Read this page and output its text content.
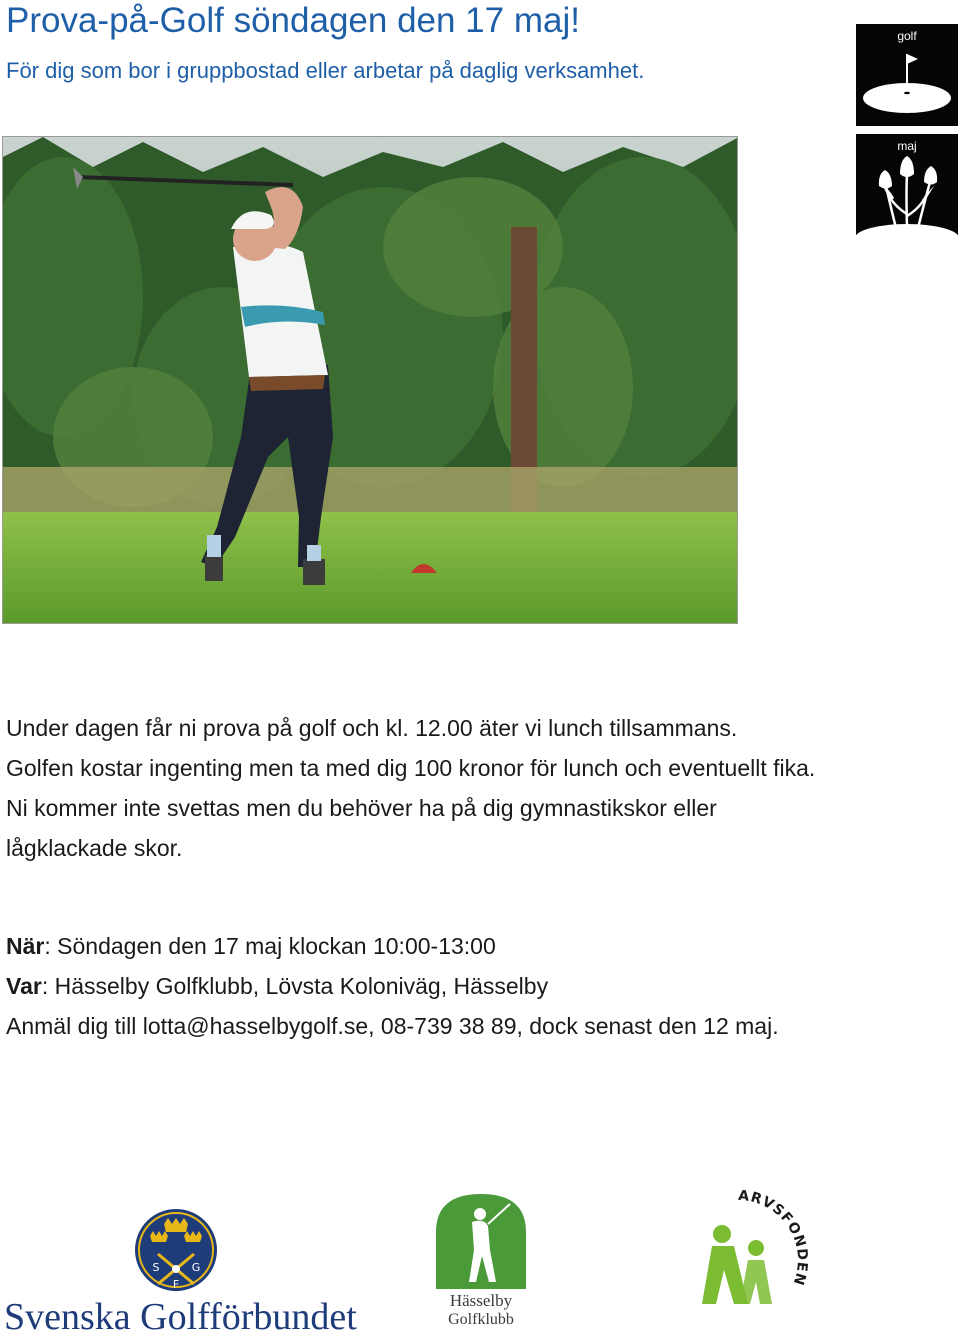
Prova-på-Golf söndagen den 17 maj!

För dig som bor i gruppbostad eller arbetar på daglig verksamhet.

golf
maj

Under dagen får ni prova på golf och kl. 12.00 äter vi lunch tillsammans.

Golfen kostar ingenting men ta med dig 100 kronor för lunch och eventuellt fika.

Ni kommer inte svettas men du behöver ha på dig gymnastikskor eller lågklackade skor.

När: Söndagen den 17 maj klockan 10:00-13:00

Var: Hässelby Golfklubb, Lövsta Koloniväg, Hässelby

Anmäl dig till lotta@hasselbygolf.se, 08-739 38 89, dock senast den 12 maj.

S	G
F
Svenska Golfförbundet	Hässelby
Golfklubb
ARVSFONDEN
